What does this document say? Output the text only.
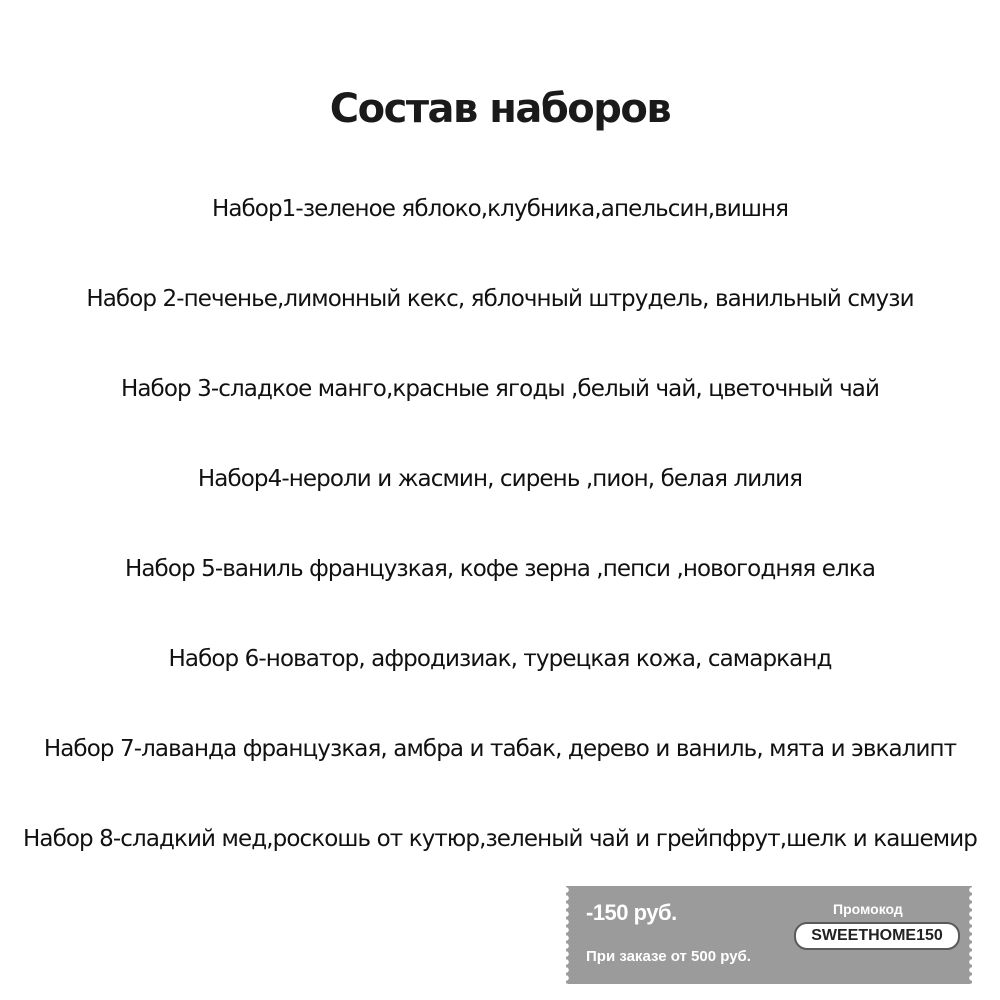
Состав наборов
Набор1-зеленое яблоко,клубника,апельсин,вишня
Набор 2-печенье,лимонный кекс, яблочный штрудель, ванильный смузи
Набор 3-сладкое манго,красные ягоды ,белый чай, цветочный чай
Набор4-нероли и жасмин, сирень ,пион, белая лилия
Набор 5-ваниль французкая, кофе зерна ,пепси ,новогодняя елка
Набор 6-новатор, афродизиак, турецкая кожа, самарканд
Набор 7-лаванда французкая, амбра и табак, дерево и ваниль, мята и эвкалипт
Набор 8-сладкий мед,роскошь от кутюр,зеленый чай и грейпфрут,шелк и кашемир
-150 руб.
При заказе от 500 руб.
Промокод
SWEETHOME150
